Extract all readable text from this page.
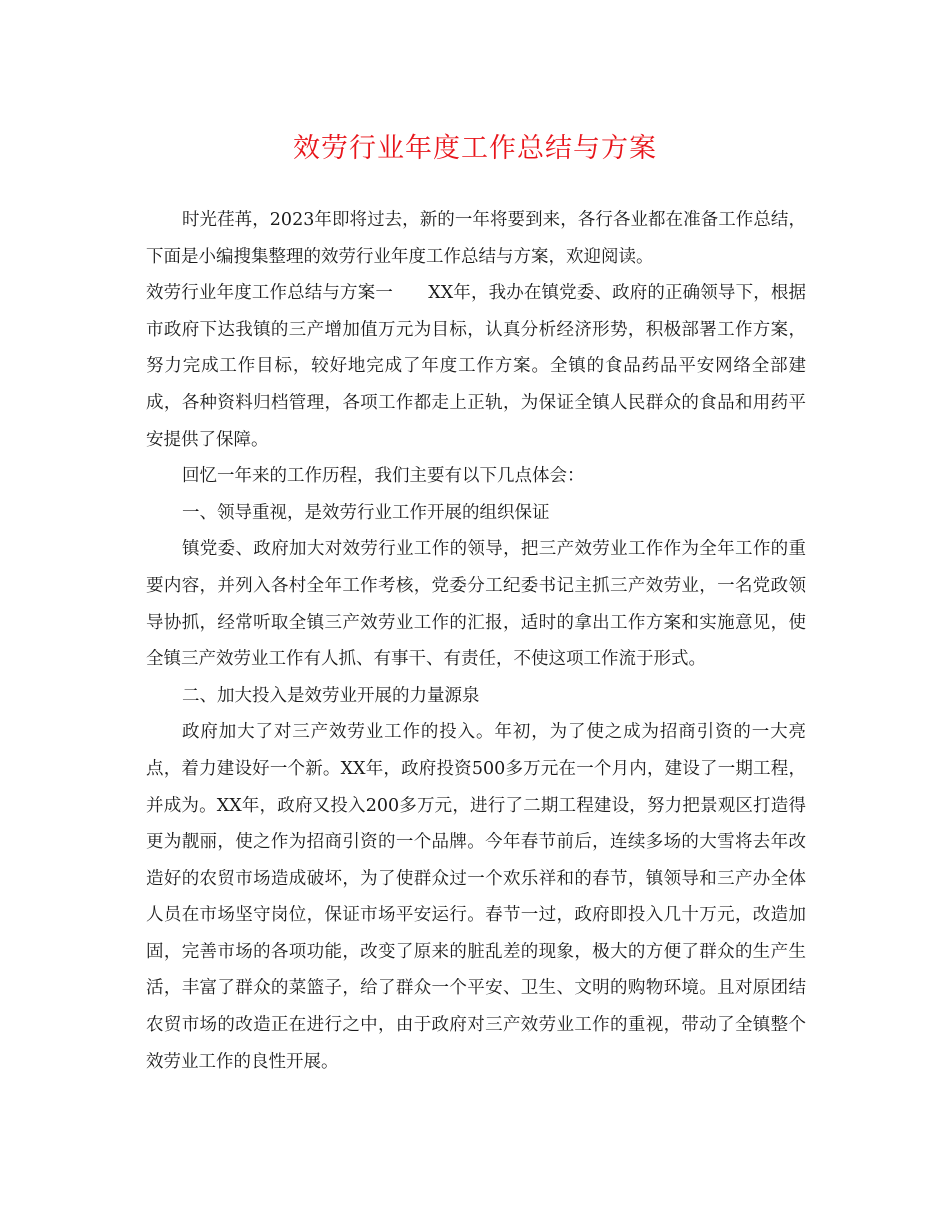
效劳行业年度工作总结与方案

时光荏苒，2023年即将过去，新的一年将要到来，各行各业都在准备工作总结，下面是小编搜集整理的效劳行业年度工作总结与方案，欢迎阅读。

效劳行业年度工作总结与方案一　　XX年，我办在镇党委、政府的正确领导下，根据市政府下达我镇的三产增加值万元为目标，认真分析经济形势，积极部署工作方案，努力完成工作目标，较好地完成了年度工作方案。全镇的食品药品平安网络全部建成，各种资料归档管理，各项工作都走上正轨，为保证全镇人民群众的食品和用药平安提供了保障。

回忆一年来的工作历程，我们主要有以下几点体会：

一、领导重视，是效劳行业工作开展的组织保证

镇党委、政府加大对效劳行业工作的领导，把三产效劳业工作作为全年工作的重要内容，并列入各村全年工作考核，党委分工纪委书记主抓三产效劳业，一名党政领导协抓，经常听取全镇三产效劳业工作的汇报，适时的拿出工作方案和实施意见，使全镇三产效劳业工作有人抓、有事干、有责任，不使这项工作流于形式。

二、加大投入是效劳业开展的力量源泉

政府加大了对三产效劳业工作的投入。年初，为了使之成为招商引资的一大亮点，着力建设好一个新。XX年，政府投资500多万元在一个月内，建设了一期工程，并成为。XX年，政府又投入200多万元，进行了二期工程建设，努力把景观区打造得更为靓丽，使之作为招商引资的一个品牌。今年春节前后，连续多场的大雪将去年改造好的农贸市场造成破坏，为了使群众过一个欢乐祥和的春节，镇领导和三产办全体人员在市场坚守岗位，保证市场平安运行。春节一过，政府即投入几十万元，改造加固，完善市场的各项功能，改变了原来的脏乱差的现象，极大的方便了群众的生产生活，丰富了群众的菜篮子，给了群众一个平安、卫生、文明的购物环境。且对原团结农贸市场的改造正在进行之中，由于政府对三产效劳业工作的重视，带动了全镇整个效劳业工作的良性开展。
